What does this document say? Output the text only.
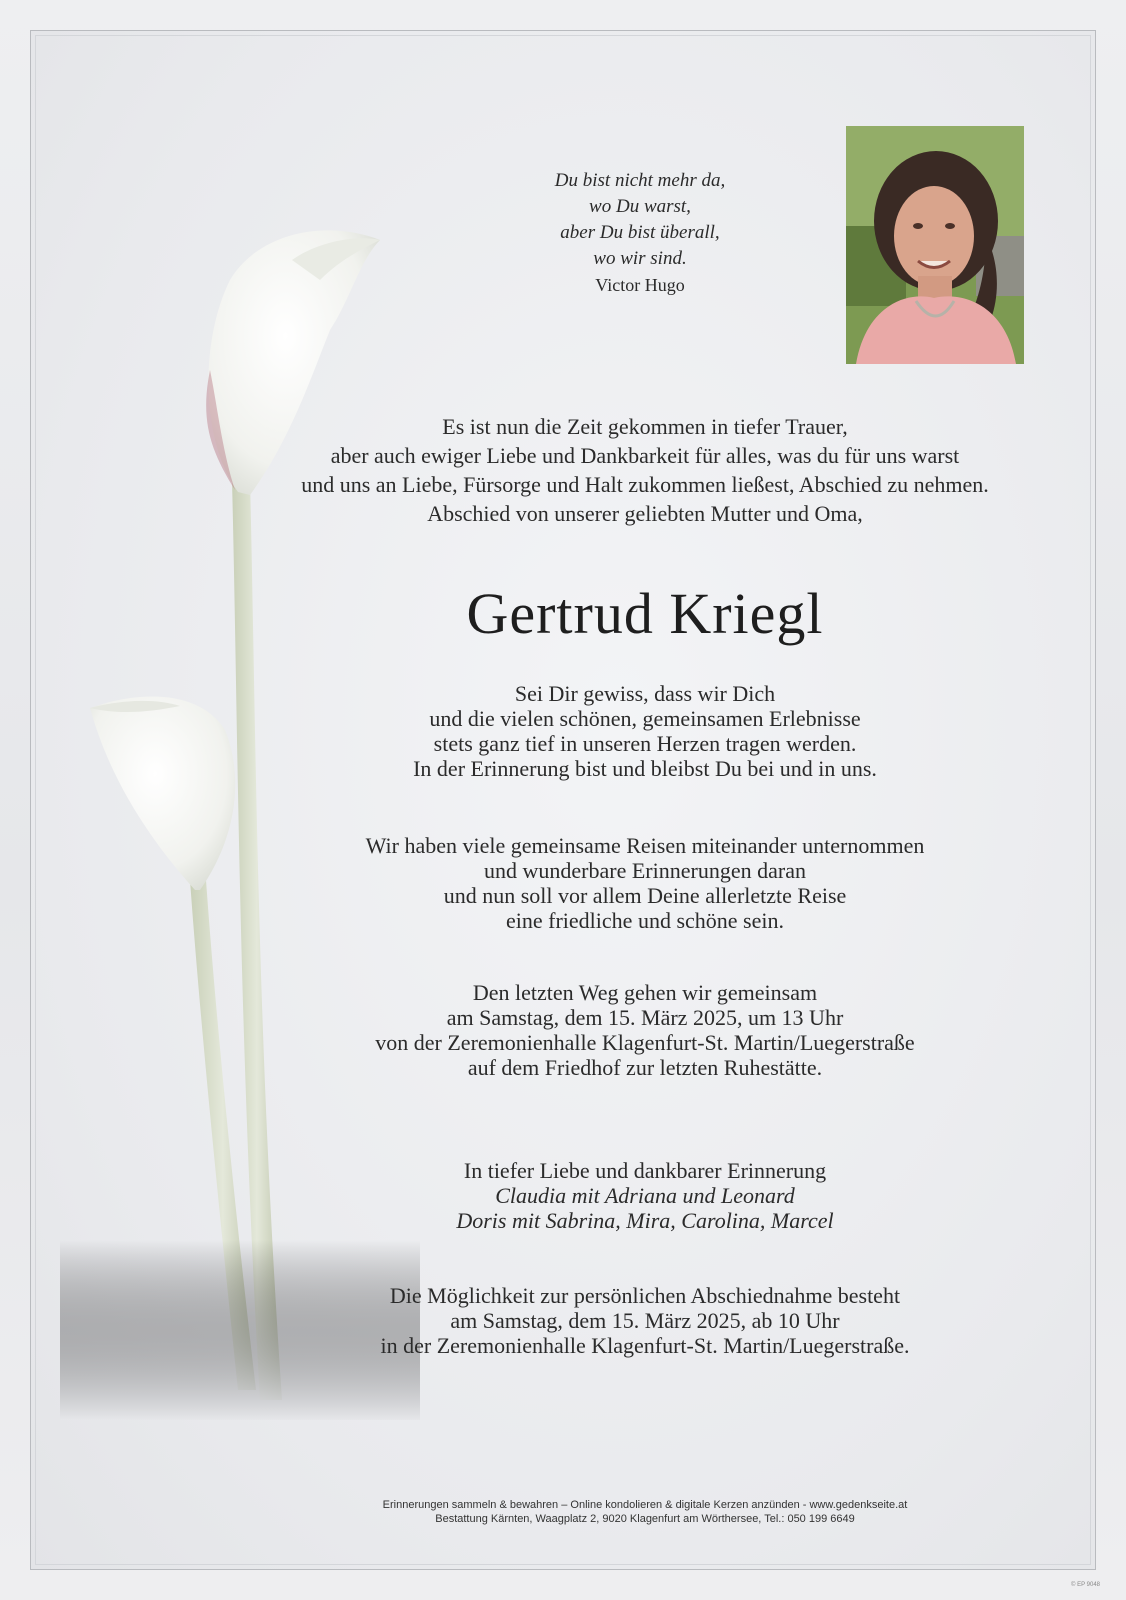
Du bist nicht mehr da,
wo Du warst,
aber Du bist überall,
wo wir sind.
Victor Hugo
Es ist nun die Zeit gekommen in tiefer Trauer,
aber auch ewiger Liebe und Dankbarkeit für alles, was du für uns warst
und uns an Liebe, Fürsorge und Halt zukommen ließest, Abschied zu nehmen.
Abschied von unserer geliebten Mutter und Oma,
Gertrud Kriegl
Sei Dir gewiss, dass wir Dich
und die vielen schönen, gemeinsamen Erlebnisse
stets ganz tief in unseren Herzen tragen werden.
In der Erinnerung bist und bleibst Du bei und in uns.
Wir haben viele gemeinsame Reisen miteinander unternommen
und wunderbare Erinnerungen daran
und nun soll vor allem Deine allerletzte Reise
eine friedliche und schöne sein.
Den letzten Weg gehen wir gemeinsam
am Samstag, dem 15. März 2025, um 13 Uhr
von der Zeremonienhalle Klagenfurt-St. Martin/Luegerstraße
auf dem Friedhof zur letzten Ruhestätte.
In tiefer Liebe und dankbarer Erinnerung
Claudia mit Adriana und Leonard
Doris mit Sabrina, Mira, Carolina, Marcel
Die Möglichkeit zur persönlichen Abschiednahme besteht
am Samstag, dem 15. März 2025, ab 10 Uhr
in der Zeremonienhalle Klagenfurt-St. Martin/Luegerstraße.
Erinnerungen sammeln & bewahren – Online kondolieren & digitale Kerzen anzünden - www.gedenkseite.at
Bestattung Kärnten, Waagplatz 2, 9020 Klagenfurt am Wörthersee, Tel.: 050 199 6649
© EP 9048
